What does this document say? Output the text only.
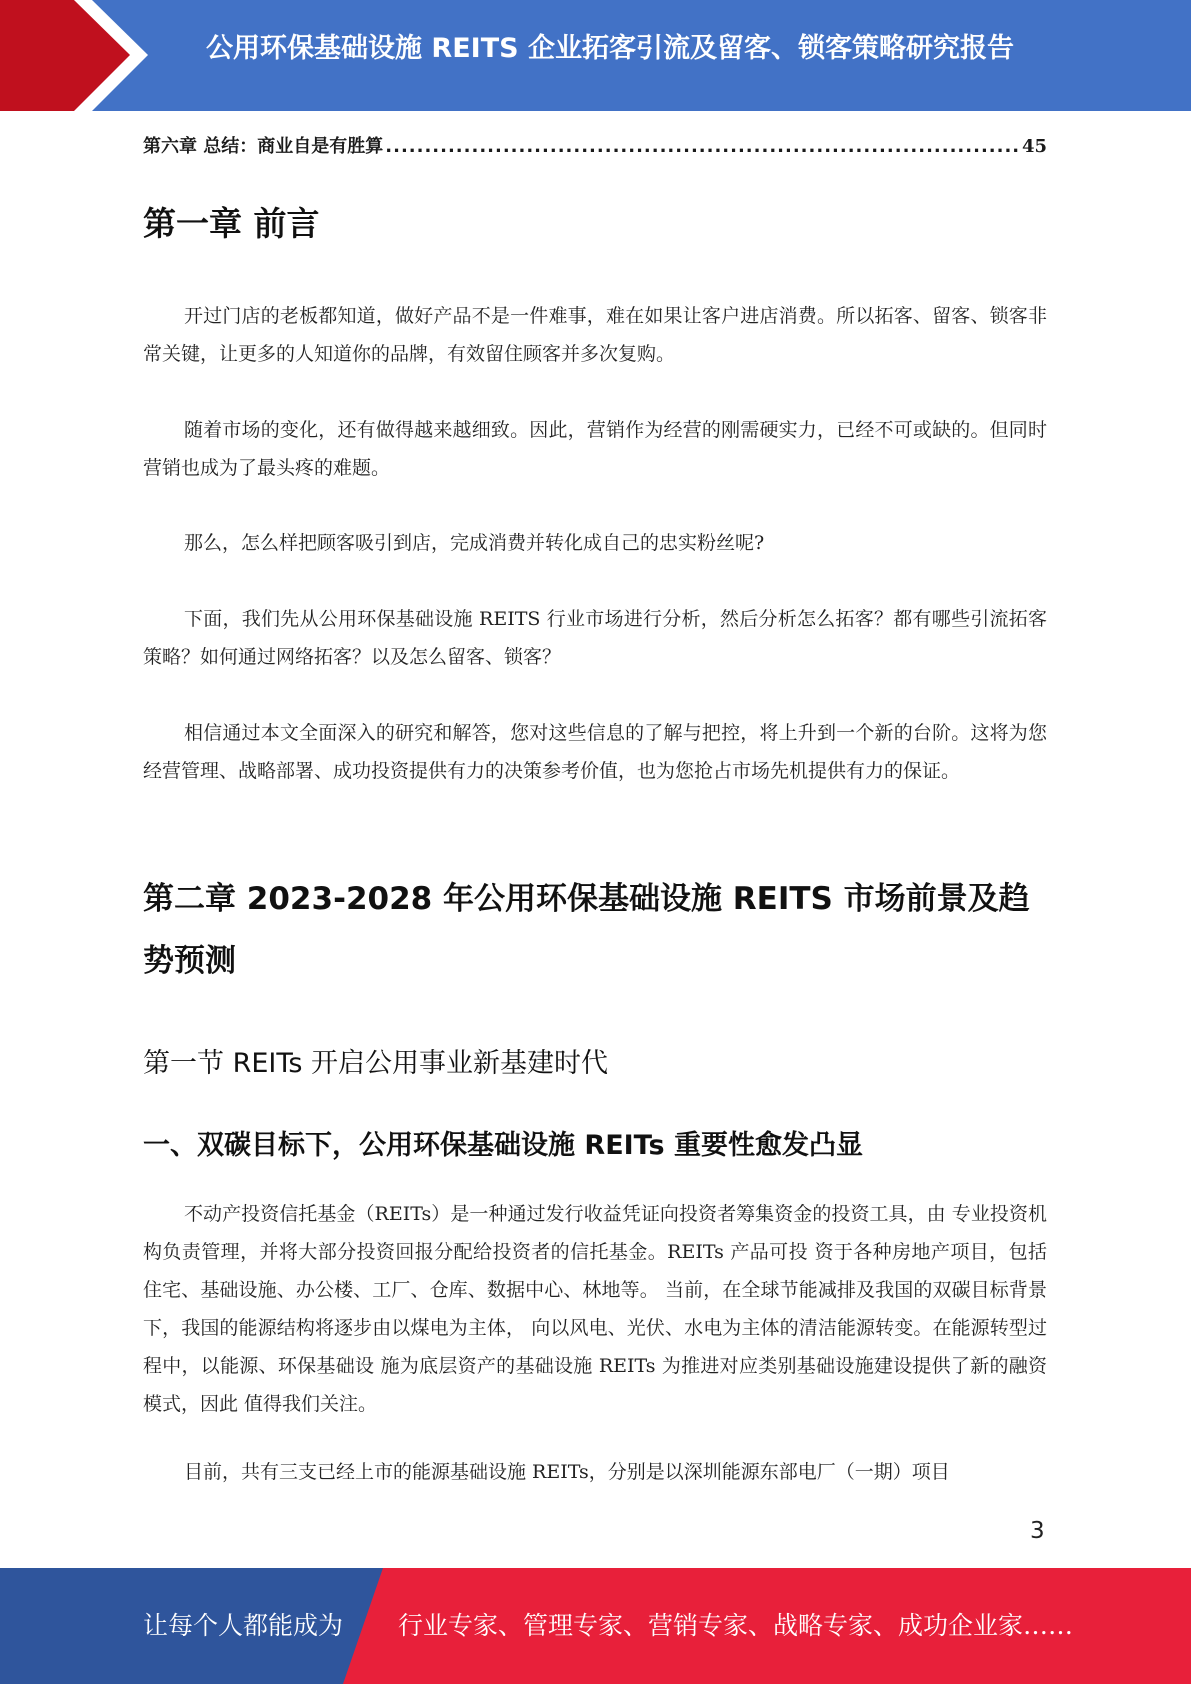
公用环保基础设施 REITS 企业拓客引流及留客、锁客策略研究报告
第六章 总结：商业自是有胜算
.....	45
第一章 前言

开过门店的老板都知道，做好产品不是一件难事，难在如果让客户进店消费。所以拓客、留客、锁客非常关键，让更多的人知道你的品牌，有效留住顾客并多次复购。

随着市场的变化，还有做得越来越细致。因此，营销作为经营的刚需硬实力，已经不可或缺的。但同时营销也成为了最头疼的难题。

那么，怎么样把顾客吸引到店，完成消费并转化成自己的忠实粉丝呢?

下面，我们先从公用环保基础设施 REITS 行业市场进行分析，然后分析怎么拓客？都有哪些引流拓客策略？如何通过网络拓客？以及怎么留客、锁客？

相信通过本文全面深入的研究和解答，您对这些信息的了解与把控，将上升到一个新的台阶。这将为您经营管理、战略部署、成功投资提供有力的决策参考价值，也为您抢占市场先机提供有力的保证。

第二章 2023-2028 年公用环保基础设施 REITS 市场前景及趋势预测
第一节 REITs 开启公用事业新基建时代
一、双碳目标下，公用环保基础设施 REITs 重要性愈发凸显

不动产投资信托基金（REITs）是一种通过发行收益凭证向投资者筹集资金的投资工具，由 专业投资机构负责管理，并将大部分投资回报分配给投资者的信托基金。REITs 产品可投 资于各种房地产项目，包括住宅、基础设施、办公楼、工厂、仓库、数据中心、林地等。 当前，在全球节能减排及我国的双碳目标背景下，我国的能源结构将逐步由以煤电为主体， 向以风电、光伏、水电为主体的清洁能源转变。在能源转型过程中，以能源、环保基础设 施为底层资产的基础设施 REITs 为推进对应类别基础设施建设提供了新的融资模式，因此 值得我们关注。

目前，共有三支已经上市的能源基础设施 REITs，分别是以深圳能源东部电厂（一期）项目

3
让每个人都能成为 行业专家、管理专家、营销专家、战略专家、成功企业家……
